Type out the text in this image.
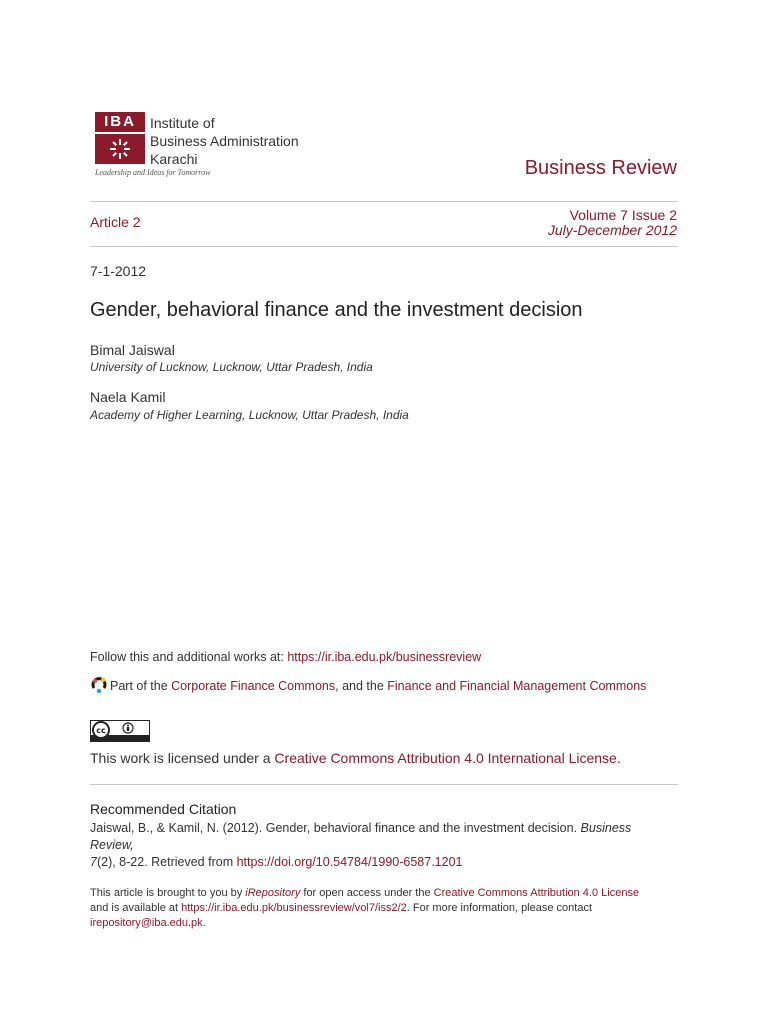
IBA	Institute of
Business Administration
Karachi
Leadership and Ideas for Tomorrow	Business Review
Article 2	Volume 7 Issue 2
July-December 2012
7-1-2012
Gender, behavioral finance and the investment decision
Bimal Jaiswal
University of Lucknow, Lucknow, Uttar Pradesh, India
Naela Kamil
Academy of Higher Learning, Lucknow, Uttar Pradesh, India
Follow this and additional works at: https://ir.iba.edu.pk/businessreview
Part of the Corporate Finance Commons, and the Finance and Financial Management Commons
cc
This work is licensed under a Creative Commons Attribution 4.0 International License.
Recommended Citation
Jaiswal, B., & Kamil, N. (2012). Gender, behavioral finance and the investment decision. Business Review,
7(2), 8-22. Retrieved from https://doi.org/10.54784/1990-6587.1201
This article is brought to you by iRepository for open access under the Creative Commons Attribution 4.0 License
and is available at https://ir.iba.edu.pk/businessreview/vol7/iss2/2. For more information, please contact
irepository@iba.edu.pk.
